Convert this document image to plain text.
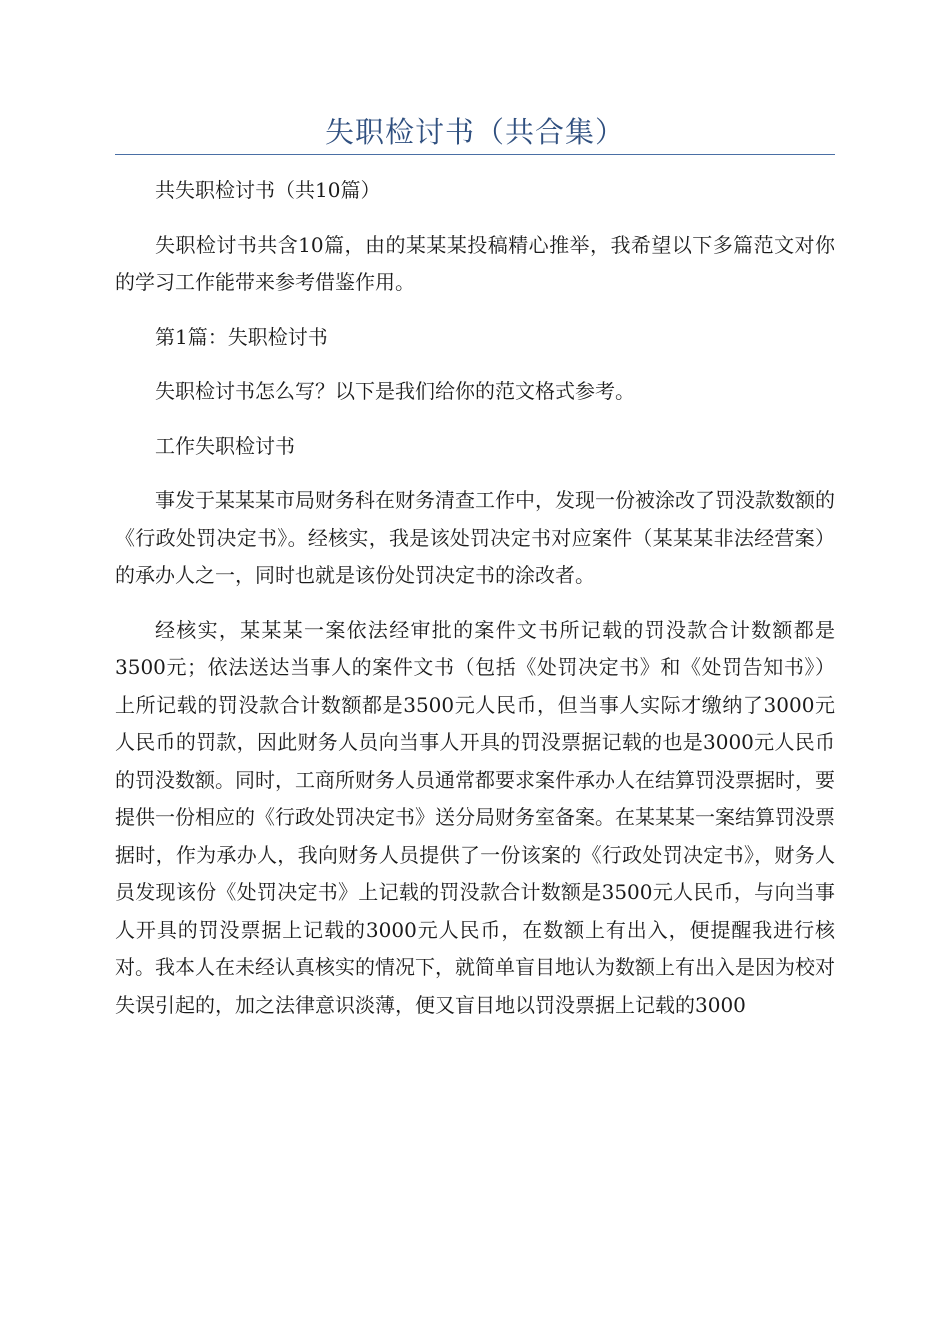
失职检讨书（共合集）

共失职检讨书（共10篇）

失职检讨书共含10篇，由的某某某投稿精心推举，我希望以下多篇范文对你的学习工作能带来参考借鉴作用。

第1篇：失职检讨书

失职检讨书怎么写？以下是我们给你的范文格式参考。

工作失职检讨书

事发于某某某市局财务科在财务清查工作中，发现一份被涂改了罚没款数额的《行政处罚决定书》。经核实，我是该处罚决定书对应案件（某某某非法经营案）的承办人之一，同时也就是该份处罚决定书的涂改者。

经核实，某某某一案依法经审批的案件文书所记载的罚没款合计数额都是3500元；依法送达当事人的案件文书（包括《处罚决定书》和《处罚告知书》）上所记载的罚没款合计数额都是3500元人民币，但当事人实际才缴纳了3000元人民币的罚款，因此财务人员向当事人开具的罚没票据记载的也是3000元人民币的罚没数额。同时，工商所财务人员通常都要求案件承办人在结算罚没票据时，要提供一份相应的《行政处罚决定书》送分局财务室备案。在某某某一案结算罚没票据时，作为承办人，我向财务人员提供了一份该案的《行政处罚决定书》，财务人员发现该份《处罚决定书》上记载的罚没款合计数额是3500元人民币，与向当事人开具的罚没票据上记载的3000元人民币，在数额上有出入，便提醒我进行核对。我本人在未经认真核实的情况下，就简单盲目地认为数额上有出入是因为校对失误引起的，加之法律意识淡薄，便又盲目地以罚没票据上记载的3000
